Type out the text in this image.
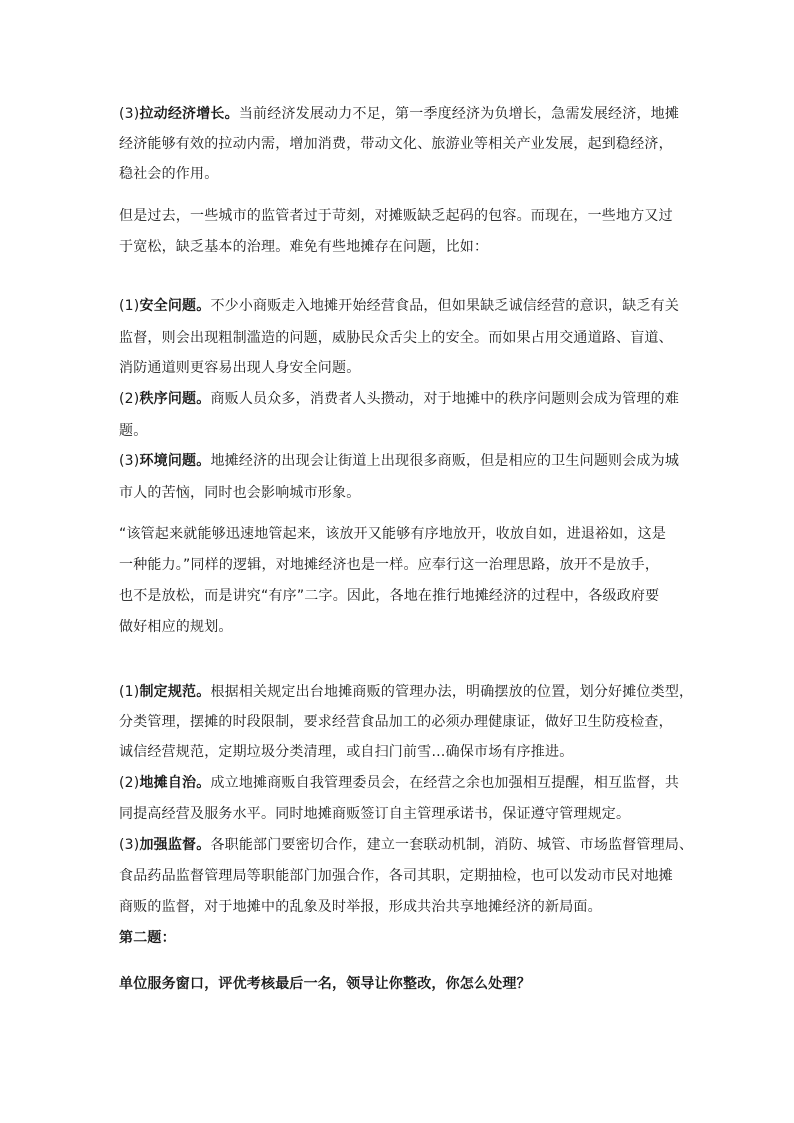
(3)拉动经济增长。当前经济发展动力不足，第一季度经济为负增长，急需发展经济，地摊
经济能够有效的拉动内需，增加消费，带动文化、旅游业等相关产业发展，起到稳经济，
稳社会的作用。
但是过去，一些城市的监管者过于苛刻，对摊贩缺乏起码的包容。而现在，一些地方又过
于宽松，缺乏基本的治理。难免有些地摊存在问题，比如：
(1)安全问题。不少小商贩走入地摊开始经营食品，但如果缺乏诚信经营的意识，缺乏有关
监督，则会出现粗制滥造的问题，威胁民众舌尖上的安全。而如果占用交通道路、盲道、
消防通道则更容易出现人身安全问题。
(2)秩序问题。商贩人员众多，消费者人头攒动，对于地摊中的秩序问题则会成为管理的难
题。
(3)环境问题。地摊经济的出现会让街道上出现很多商贩，但是相应的卫生问题则会成为城
市人的苦恼，同时也会影响城市形象。
“该管起来就能够迅速地管起来，该放开又能够有序地放开，收放自如，进退裕如，这是
一种能力。”同样的逻辑，对地摊经济也是一样。应奉行这一治理思路，放开不是放手，
也不是放松，而是讲究“有序”二字。因此，各地在推行地摊经济的过程中，各级政府要
做好相应的规划。
(1)制定规范。根据相关规定出台地摊商贩的管理办法，明确摆放的位置，划分好摊位类型，
分类管理，摆摊的时段限制，要求经营食品加工的必须办理健康证，做好卫生防疫检查，
诚信经营规范，定期垃圾分类清理，或自扫门前雪…确保市场有序推进。
(2)地摊自治。成立地摊商贩自我管理委员会，在经营之余也加强相互提醒，相互监督，共
同提高经营及服务水平。同时地摊商贩签订自主管理承诺书，保证遵守管理规定。
(3)加强监督。各职能部门要密切合作，建立一套联动机制，消防、城管、市场监督管理局、
食品药品监督管理局等职能部门加强合作，各司其职，定期抽检，也可以发动市民对地摊
商贩的监督，对于地摊中的乱象及时举报，形成共治共享地摊经济的新局面。
第二题：
单位服务窗口，评优考核最后一名，领导让你整改，你怎么处理？
